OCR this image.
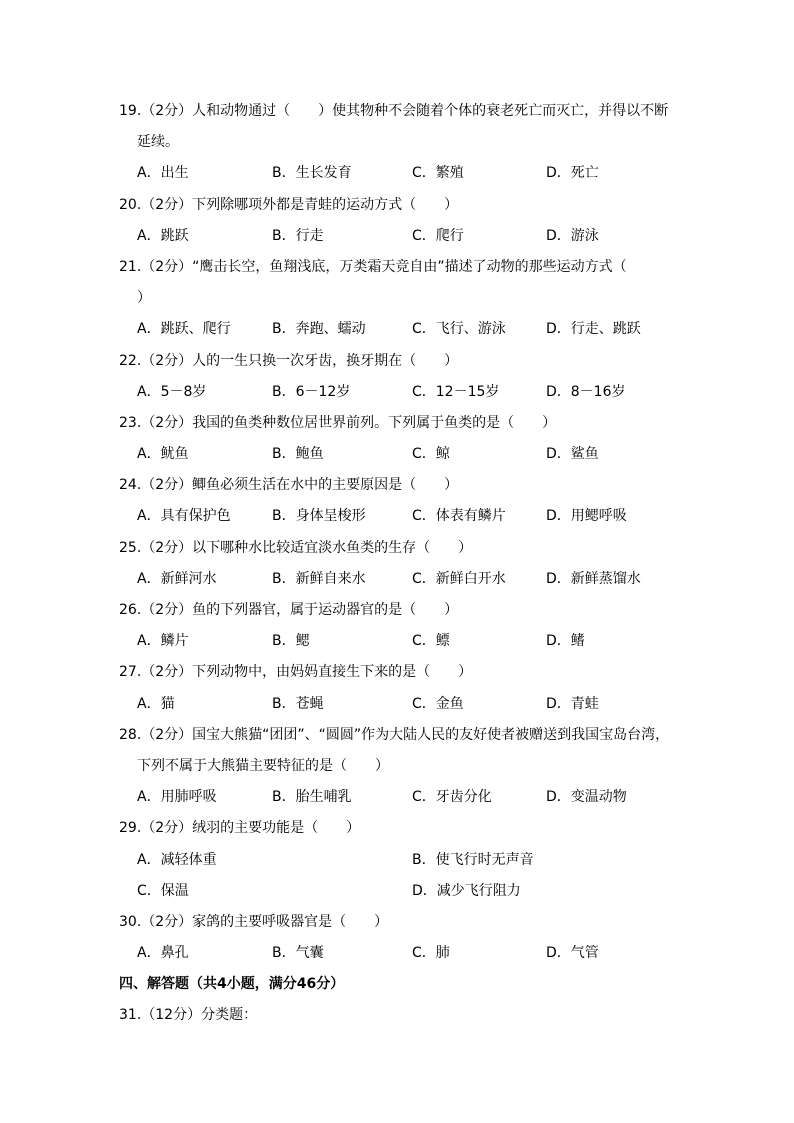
19.（2分）人和动物通过（　　）使其物种不会随着个体的衰老死亡而灭亡，并得以不断
延续。
A．出生	B．生长发育	C．繁殖	D．死亡
20.（2分）下列除哪项外都是青蛙的运动方式（　　）
A．跳跃	B．行走	C．爬行	D．游泳
21.（2分）“鹰击长空，鱼翔浅底，万类霜天竞自由”描述了动物的那些运动方式（
）
A．跳跃、爬行	B．奔跑、蠕动	C．飞行、游泳	D．行走、跳跃
22.（2分）人的一生只换一次牙齿，换牙期在（　　）
A．5－8岁	B．6－12岁	C．12－15岁	D．8－16岁
23.（2分）我国的鱼类种数位居世界前列。下列属于鱼类的是（　　）
A．鱿鱼	B．鲍鱼	C．鲸	D．鲨鱼
24.（2分）鲫鱼必须生活在水中的主要原因是（　　）
A．具有保护色	B．身体呈梭形	C．体表有鳞片	D．用鳃呼吸
25.（2分）以下哪种水比较适宜淡水鱼类的生存（　　）
A．新鲜河水	B．新鲜自来水	C．新鲜白开水	D．新鲜蒸馏水
26.（2分）鱼的下列器官，属于运动器官的是（　　）
A．鳞片	B．鳃	C．鳔	D．鳍
27.（2分）下列动物中，由妈妈直接生下来的是（　　）
A．猫	B．苍蝇	C．金鱼	D．青蛙
28.（2分）国宝大熊猫“团团”、“圆圆”作为大陆人民的友好使者被赠送到我国宝岛台湾，
下列不属于大熊猫主要特征的是（　　）
A．用肺呼吸	B．胎生哺乳	C．牙齿分化	D．变温动物
29.（2分）绒羽的主要功能是（　　）
A．减轻体重	B．使飞行时无声音
C．保温	D．减少飞行阻力
30.（2分）家鸽的主要呼吸器官是（　　）
A．鼻孔	B．气囊	C．肺	D．气管
四、解答题（共4小题，满分46分）
31.（12分）分类题：
